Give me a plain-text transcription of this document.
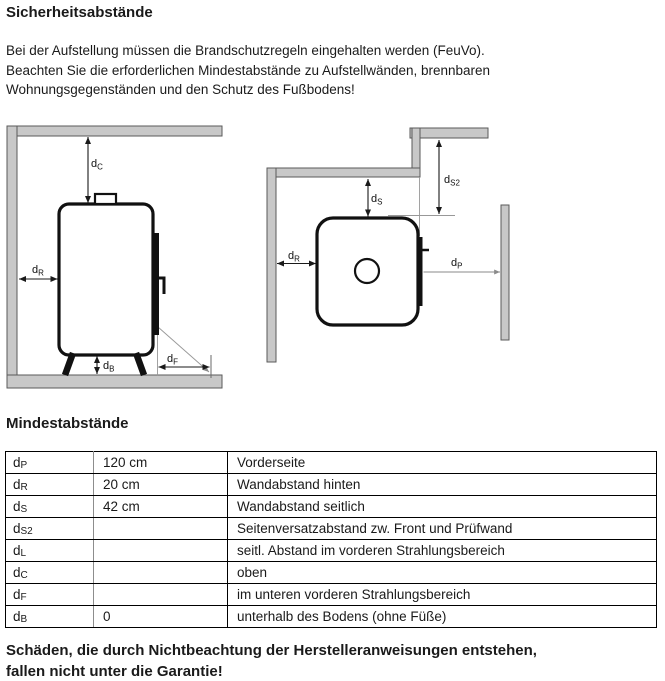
Sicherheitsabstände
Bei der Aufstellung müssen die Brandschutzregeln eingehalten werden (FeuVo).
Beachten Sie die erforderlichen Mindestabstände zu Aufstellwänden, brennbaren
Wohnungsgegenständen und den Schutz des Fußbodens!
$d_C$
$d_R$
$d_B$
$d_F$
$d_S$
$d_{S2}$
$d_R$	$d_P$
Mindestabstände
dP	120 cm	Vorderseite
dR	20 cm	Wandabstand hinten
dS	42 cm	Wandabstand seitlich
dS2		Seitenversatzabstand zw. Front und Prüfwand
dL		seitl. Abstand im vorderen Strahlungsbereich
dC		oben
dF		im unteren vorderen Strahlungsbereich
dB	0	unterhalb des Bodens (ohne Füße)
Schäden, die durch Nichtbeachtung der Herstelleranweisungen entstehen,
fallen nicht unter die Garantie!
